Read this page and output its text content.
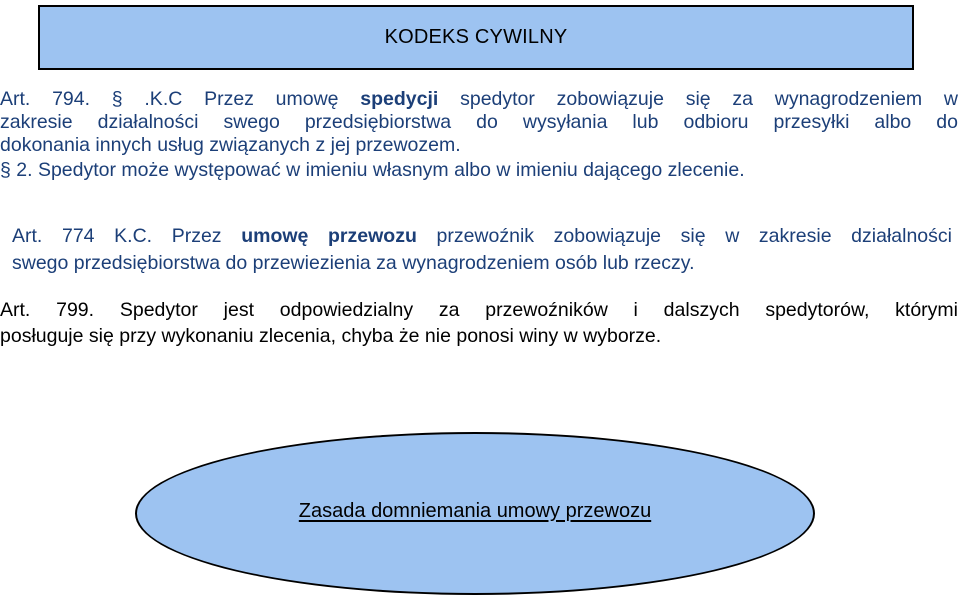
KODEKS CYWILNY
Art. 794. § .K.C Przez umowę spedycji spedytor zobowiązuje się za wynagrodzeniem w
zakresie działalności swego przedsiębiorstwa do wysyłania lub odbioru przesyłki albo do
dokonania innych usług związanych z jej przewozem.
§ 2. Spedytor może występować w imieniu własnym albo w imieniu dającego zlecenie.
Art. 774 K.C. Przez umowę przewozu przewoźnik zobowiązuje się w zakresie działalności
swego przedsiębiorstwa do przewiezienia za wynagrodzeniem osób lub rzeczy.
Art. 799. Spedytor jest odpowiedzialny za przewoźników i dalszych spedytorów, którymi
posługuje się przy wykonaniu zlecenia, chyba że nie ponosi winy w wyborze.
Zasada domniemania umowy przewozu
